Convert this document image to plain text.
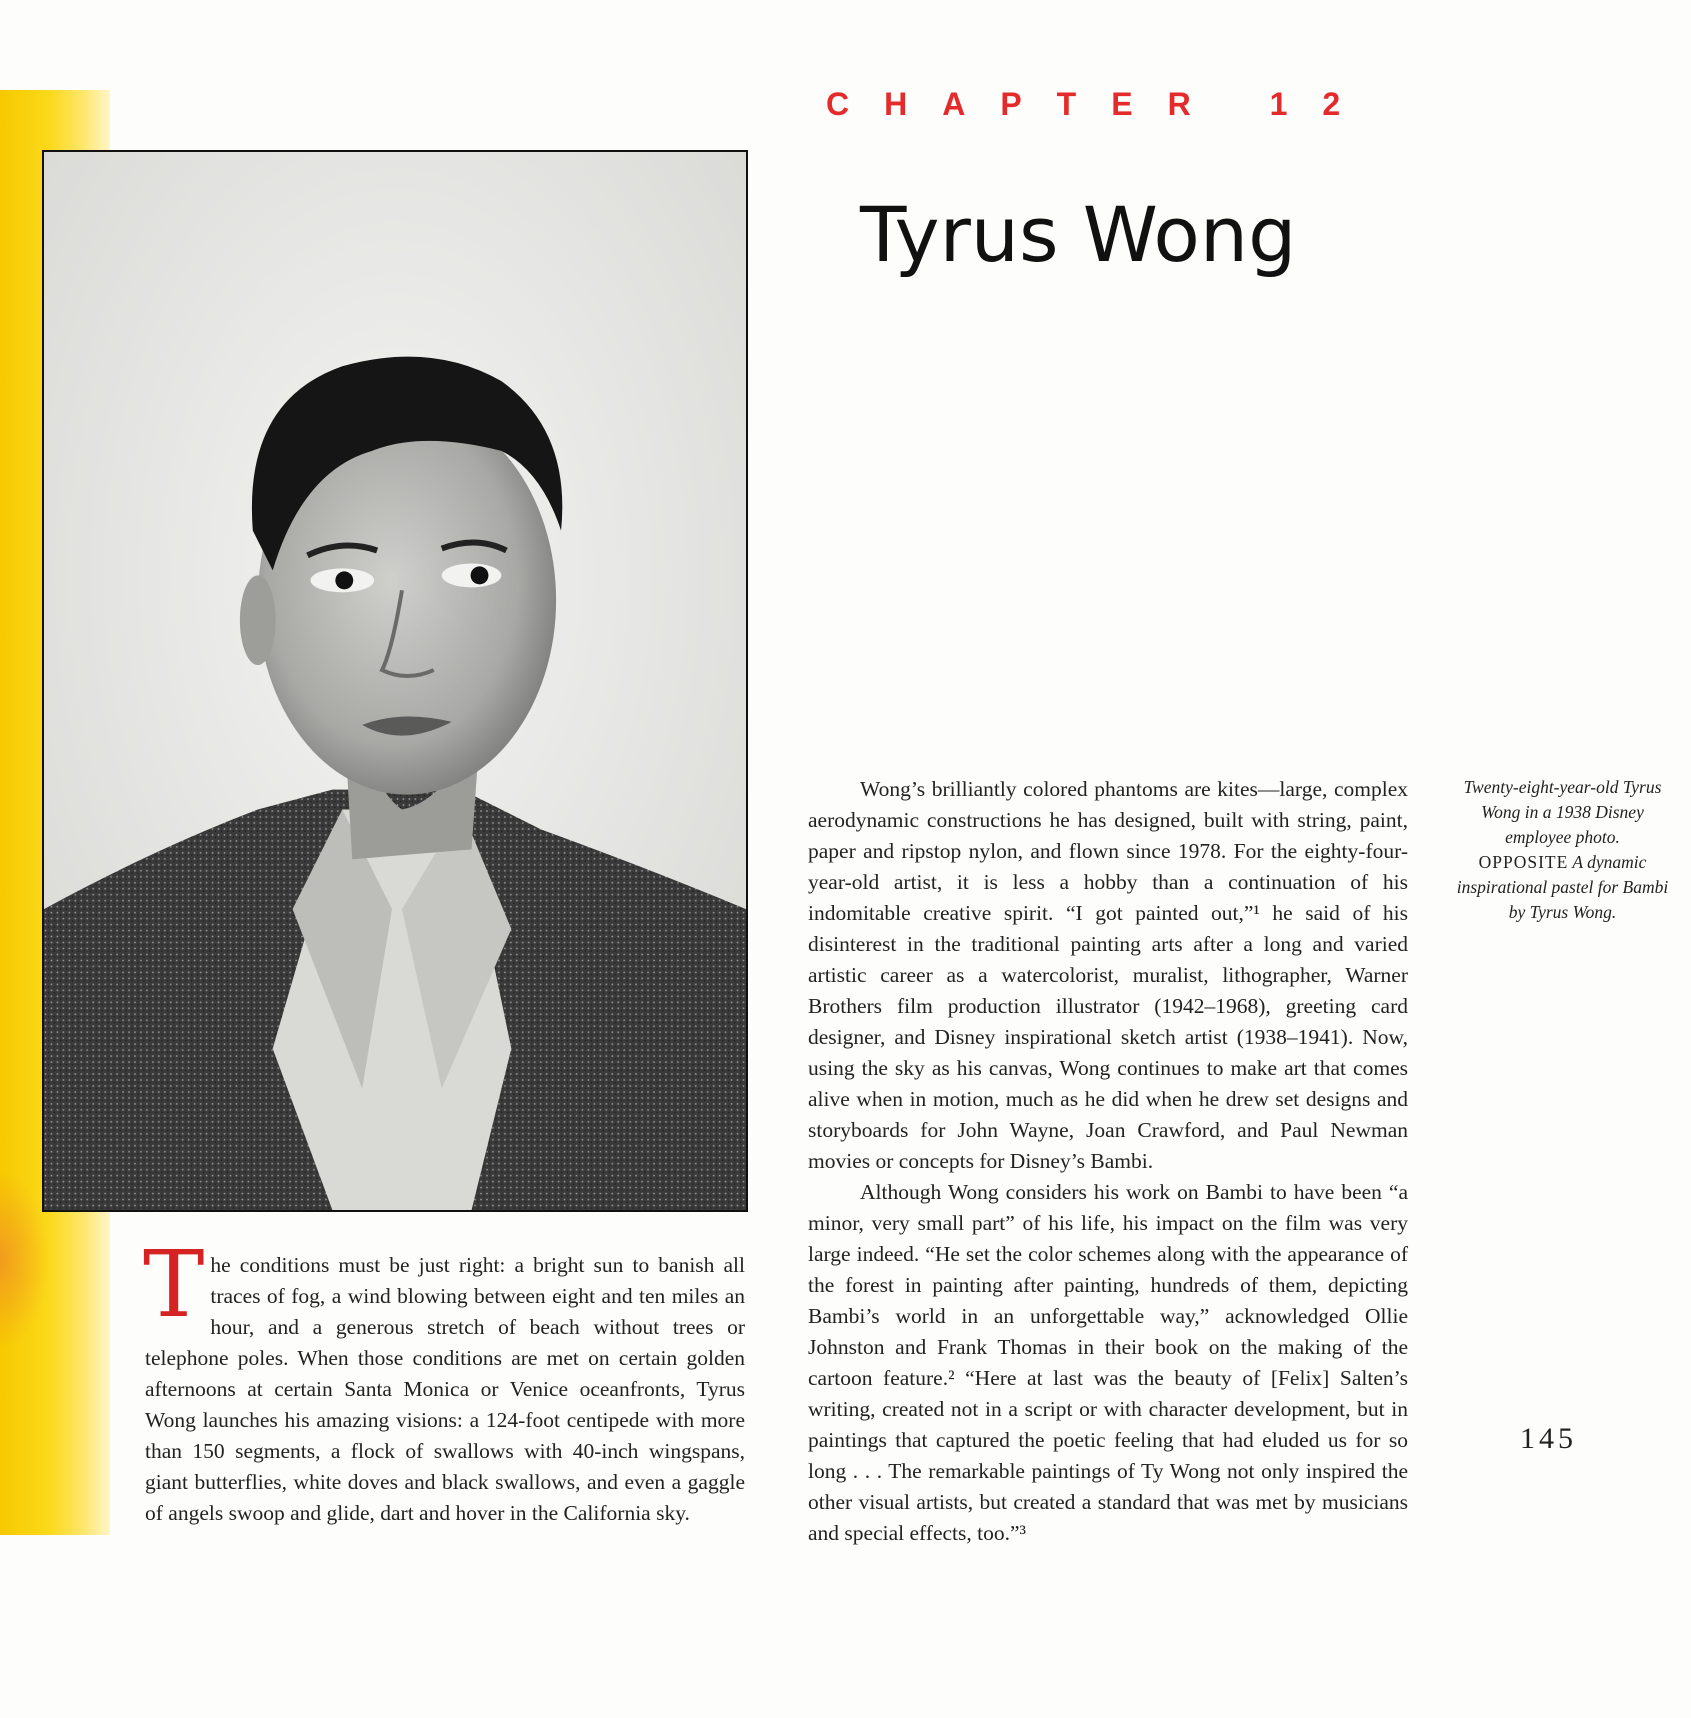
CHAPTER 12
Tyrus Wong
Twenty-eight-year-old Tyrus Wong in a 1938 Disney employee photo.
OPPOSITE A dynamic inspirational pastel for Bambi by Tyrus Wong.

The conditions must be just right: a bright sun to banish all traces of fog, a wind blowing between eight and ten miles an hour, and a generous stretch of beach without trees or telephone poles. When those conditions are met on certain golden afternoons at certain Santa Monica or Venice oceanfronts, Tyrus Wong launches his amazing visions: a 124-foot centipede with more than 150 segments, a flock of swallows with 40-inch wingspans, giant butterflies, white doves and black swallows, and even a gaggle of angels swoop and glide, dart and hover in the California sky.

Wong’s brilliantly colored phantoms are kites—large, complex aerodynamic constructions he has designed, built with string, paint, paper and ripstop nylon, and flown since 1978. For the eighty-four-year-old artist, it is less a hobby than a continuation of his indomitable creative spirit. “I got painted out,”¹ he said of his disinterest in the traditional painting arts after a long and varied artistic career as a watercolorist, muralist, lithographer, Warner Brothers film production illustrator (1942–1968), greeting card designer, and Disney inspirational sketch artist (1938–1941). Now, using the sky as his canvas, Wong continues to make art that comes alive when in motion, much as he did when he drew set designs and storyboards for John Wayne, Joan Crawford, and Paul Newman movies or concepts for Disney’s Bambi.

Although Wong considers his work on Bambi to have been “a minor, very small part” of his life, his impact on the film was very large indeed. “He set the color schemes along with the appearance of the forest in painting after painting, hundreds of them, depicting Bambi’s world in an unforgettable way,” acknowledged Ollie Johnston and Frank Thomas in their book on the making of the cartoon feature.² “Here at last was the beauty of [Felix] Salten’s writing, created not in a script or with character development, but in paintings that captured the poetic feeling that had eluded us for so long . . . The remarkable paintings of Ty Wong not only inspired the other visual artists, but created a standard that was met by musicians and special effects, too.”³

145
